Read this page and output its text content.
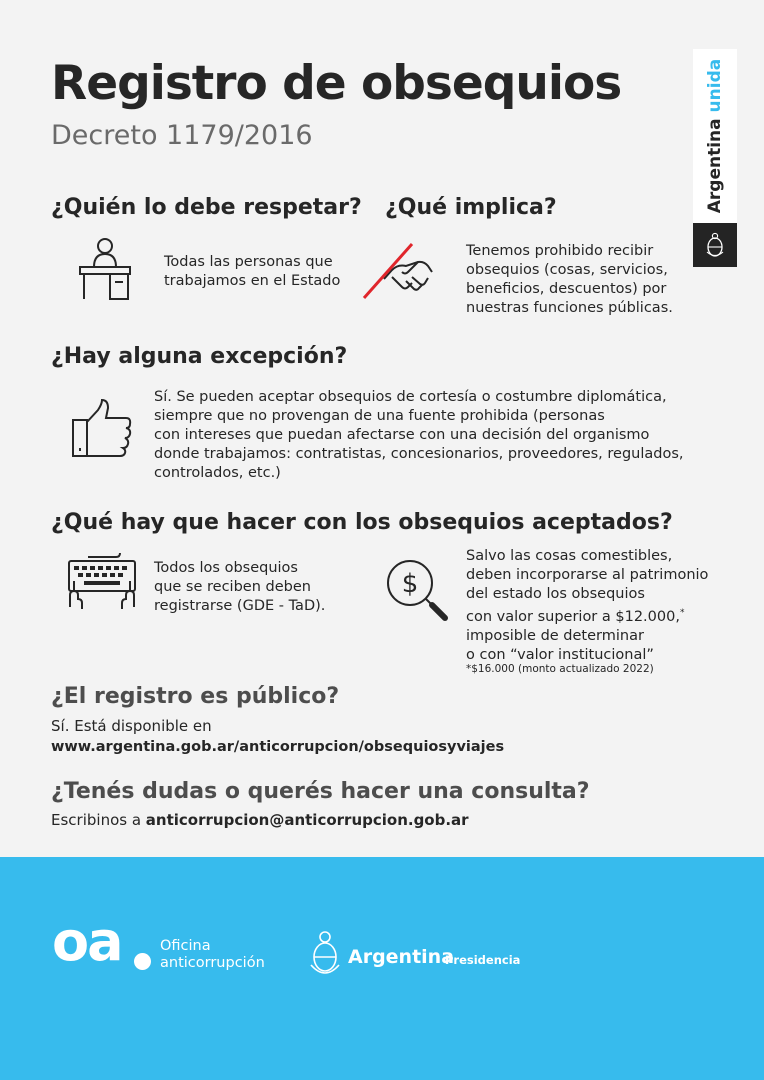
Registro de obsequios
Decreto 1179/2016	Argentina unida
¿Quién lo debe respetar?
Todas las personas que
trabajamos en el Estado
¿Qué implica?
Tenemos prohibido recibir
obsequios (cosas, servicios,
beneficios, descuentos) por
nuestras funciones públicas.
¿Hay alguna excepción?
Sí. Se pueden aceptar obsequios de cortesía o costumbre diplomática,
siempre que no provengan de una fuente prohibida (personas
con intereses que puedan afectarse con una decisión del organismo
donde trabajamos: contratistas, concesionarios, proveedores, regulados,
controlados, etc.)
¿Qué hay que hacer con los obsequios aceptados?
Todos los obsequios
que se reciben deben
registrarse (GDE - TaD).
$
Salvo las cosas comestibles,
deben incorporarse al patrimonio
del estado los obsequios
con valor superior a $12.000,*
imposible de determinar
o con “valor institucional”
*$16.000 (monto actualizado 2022)
¿El registro es público?
Sí. Está disponible en
www.argentina.gob.ar/anticorrupcion/obsequiosyviajes
¿Tenés dudas o querés hacer una consulta?
Escribinos a anticorrupcion@anticorrupcion.gob.ar
oa	Oficina
anticorrupción	Argentina
Presidencia
